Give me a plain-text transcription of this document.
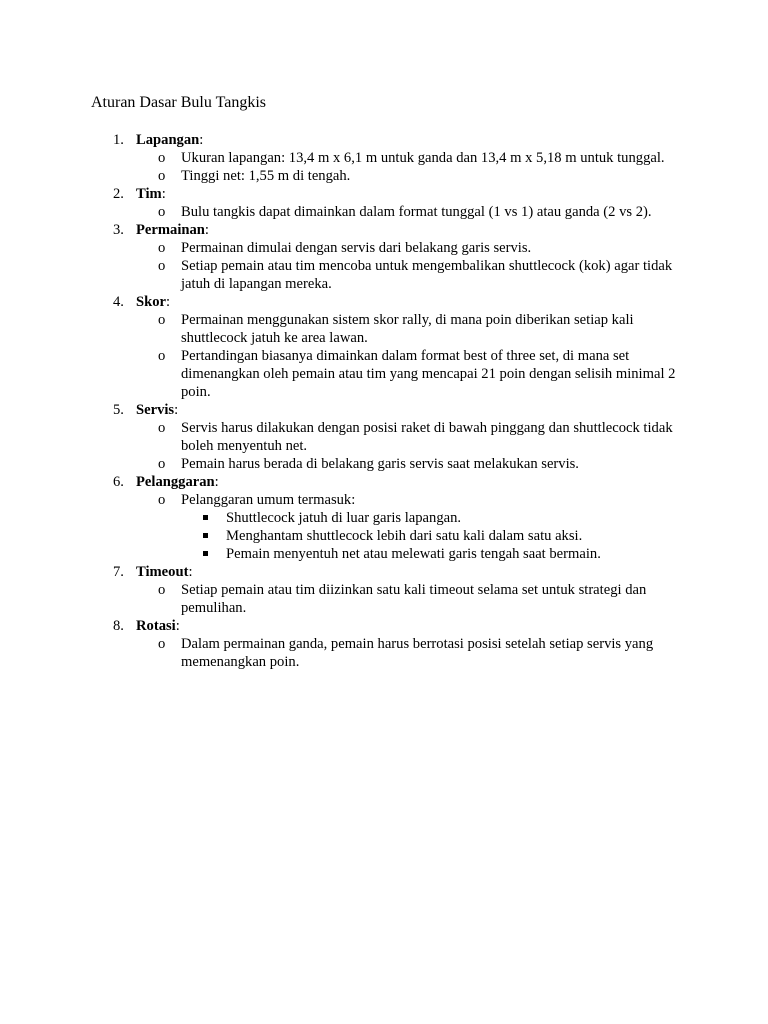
Aturan Dasar Bulu Tangkis
1. Lapangan:
o Ukuran lapangan: 13,4 m x 6,1 m untuk ganda dan 13,4 m x 5,18 m untuk tunggal.
o Tinggi net: 1,55 m di tengah.
2. Tim:
o Bulu tangkis dapat dimainkan dalam format tunggal (1 vs 1) atau ganda (2 vs 2).
3. Permainan:
o Permainan dimulai dengan servis dari belakang garis servis.
o Setiap pemain atau tim mencoba untuk mengembalikan shuttlecock (kok) agar tidak jatuh di lapangan mereka.
4. Skor:
o Permainan menggunakan sistem skor rally, di mana poin diberikan setiap kali shuttlecock jatuh ke area lawan.
o Pertandingan biasanya dimainkan dalam format best of three set, di mana set dimenangkan oleh pemain atau tim yang mencapai 21 poin dengan selisih minimal 2 poin.
5. Servis:
o Servis harus dilakukan dengan posisi raket di bawah pinggang dan shuttlecock tidak boleh menyentuh net.
o Pemain harus berada di belakang garis servis saat melakukan servis.
6. Pelanggaran:
o Pelanggaran umum termasuk:
Shuttlecock jatuh di luar garis lapangan.
Menghantam shuttlecock lebih dari satu kali dalam satu aksi.
Pemain menyentuh net atau melewati garis tengah saat bermain.
7. Timeout:
o Setiap pemain atau tim diizinkan satu kali timeout selama set untuk strategi dan pemulihan.
8. Rotasi:
o Dalam permainan ganda, pemain harus berrotasi posisi setelah setiap servis yang memenangkan poin.
